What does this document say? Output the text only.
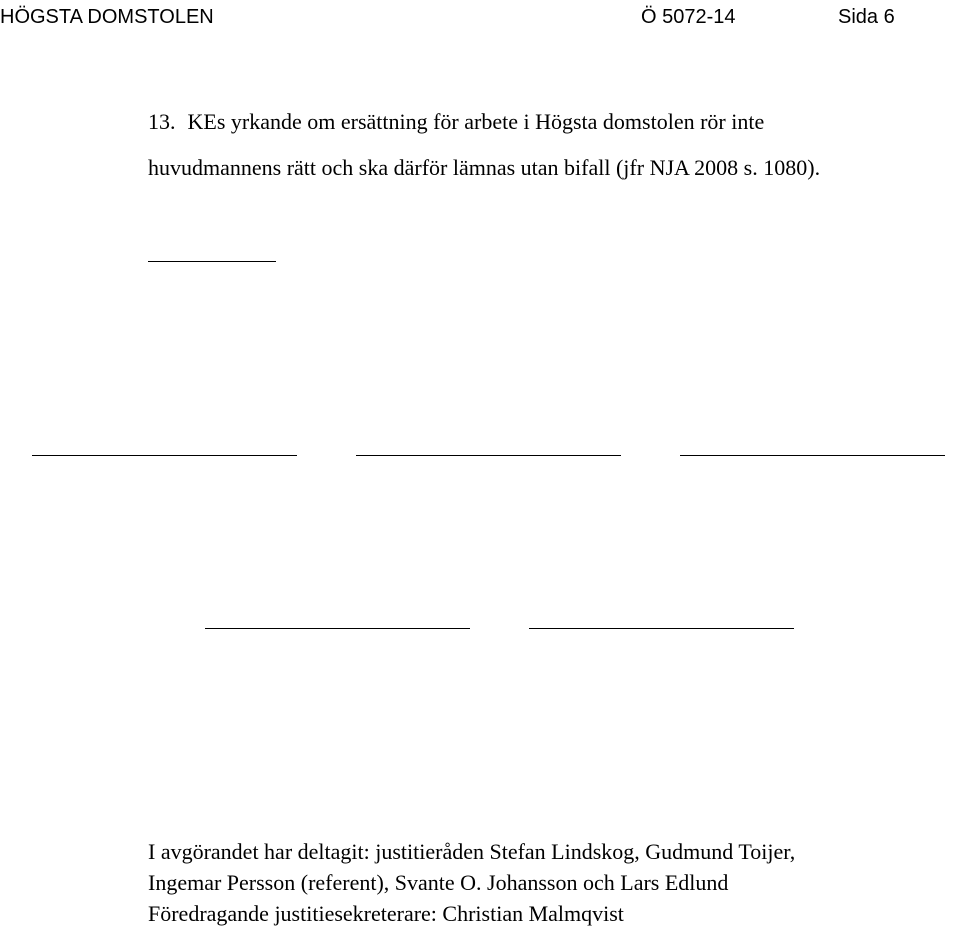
HÖGSTA DOMSTOLEN	Ö 5072-14	Sida 6
13. KEs yrkande om ersättning för arbete i Högsta domstolen rör inte
huvudmannens rätt och ska därför lämnas utan bifall (jfr NJA 2008 s. 1080).
I avgörandet har deltagit: justitieråden Stefan Lindskog, Gudmund Toijer,
Ingemar Persson (referent), Svante O. Johansson och Lars Edlund
Föredragande justitiesekreterare: Christian Malmqvist
